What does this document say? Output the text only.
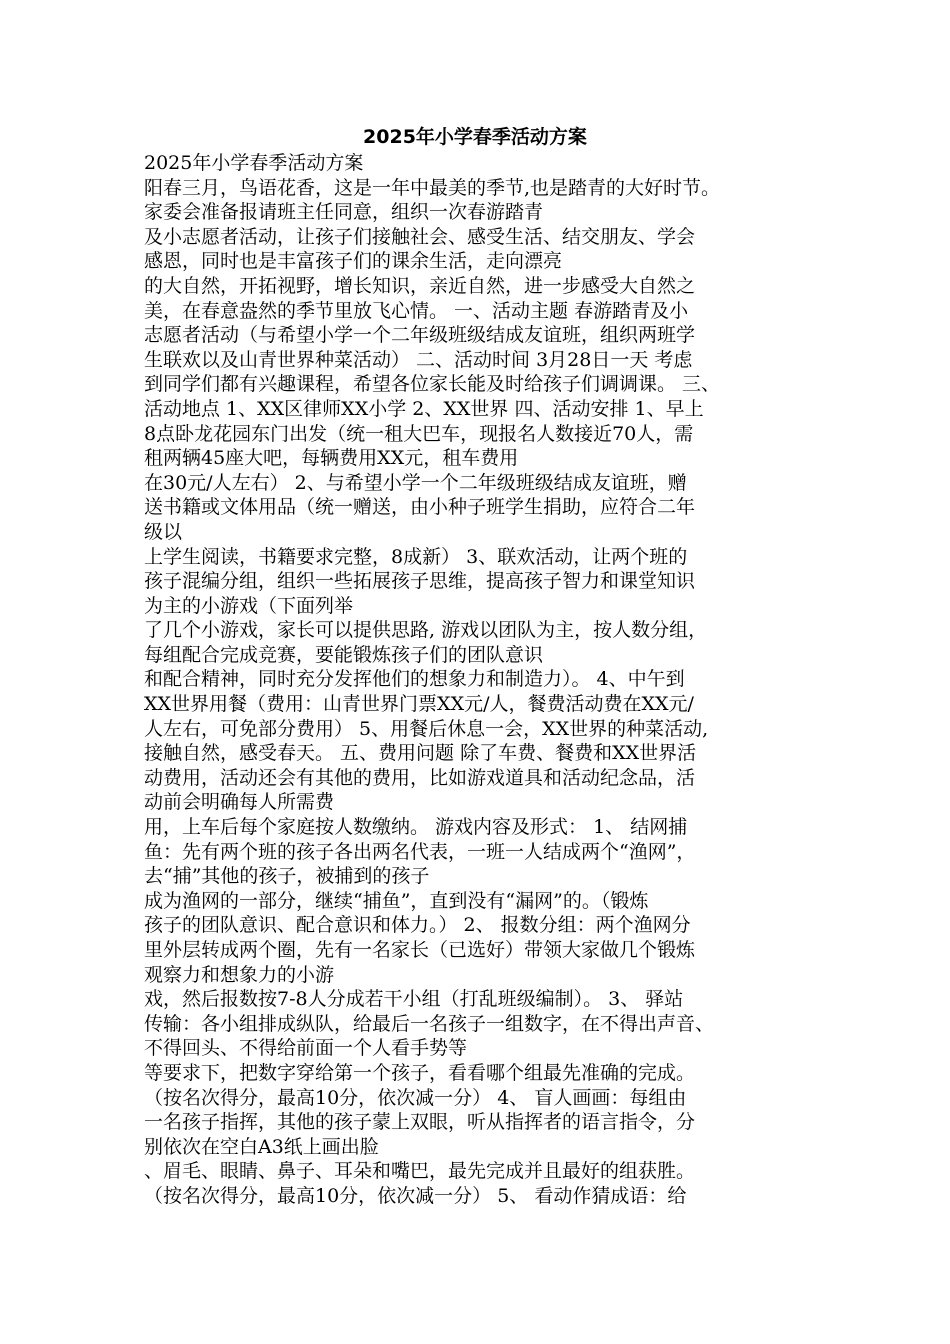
2025年小学春季活动方案
2025年小学春季活动方案
阳春三月，鸟语花香，这是一年中最美的季节,也是踏青的大好时节。
家委会准备报请班主任同意，组织一次春游踏青
及小志愿者活动，让孩子们接触社会、感受生活、结交朋友、学会
感恩，同时也是丰富孩子们的课余生活，走向漂亮
的大自然，开拓视野，增长知识，亲近自然，进一步感受大自然之
美，在春意盎然的季节里放飞心情。 一、活动主题 春游踏青及小
志愿者活动（与希望小学一个二年级班级结成友谊班，组织两班学
生联欢以及山青世界种菜活动） 二、活动时间 3月28日一天 考虑
到同学们都有兴趣课程，希望各位家长能及时给孩子们调调课。 三、
活动地点 1、XX区律师XX小学 2、XX世界 四、活动安排 1、早上
8点卧龙花园东门出发（统一租大巴车，现报名人数接近70人，需
租两辆45座大吧，每辆费用XX元，租车费用
在30元/人左右） 2、与希望小学一个二年级班级结成友谊班，赠
送书籍或文体用品（统一赠送，由小种子班学生捐助，应符合二年
级以
上学生阅读，书籍要求完整，8成新） 3、联欢活动，让两个班的
孩子混编分组，组织一些拓展孩子思维，提高孩子智力和课堂知识
为主的小游戏（下面列举
了几个小游戏，家长可以提供思路, 游戏以团队为主，按人数分组，
每组配合完成竞赛，要能锻炼孩子们的团队意识
和配合精神，同时充分发挥他们的想象力和制造力）。 4、中午到
XX世界用餐（费用：山青世界门票XX元/人，餐费活动费在XX元/
人左右，可免部分费用） 5、用餐后休息一会，XX世界的种菜活动,
接触自然，感受春天。 五、费用问题 除了车费、餐费和XX世界活
动费用，活动还会有其他的费用，比如游戏道具和活动纪念品，活
动前会明确每人所需费
用，上车后每个家庭按人数缴纳。 游戏内容及形式： 1、 结网捕
鱼：先有两个班的孩子各出两名代表，一班一人结成两个“渔网”，
去“捕”其他的孩子，被捕到的孩子
成为渔网的一部分，继续“捕鱼”，直到没有“漏网”的。（锻炼
孩子的团队意识、配合意识和体力。） 2、 报数分组：两个渔网分
里外层转成两个圈，先有一名家长（已选好）带领大家做几个锻炼
观察力和想象力的小游
戏，然后报数按7-8人分成若干小组（打乱班级编制）。 3、 驿站
传输：各小组排成纵队，给最后一名孩子一组数字，在不得出声音、
不得回头、不得给前面一个人看手势等
等要求下，把数字穿给第一个孩子，看看哪个组最先准确的完成。
（按名次得分，最高10分，依次减一分） 4、 盲人画画：每组由
一名孩子指挥，其他的孩子蒙上双眼，听从指挥者的语言指令，分
别依次在空白A3纸上画出脸
、眉毛、眼睛、鼻子、耳朵和嘴巴，最先完成并且最好的组获胜。
（按名次得分，最高10分，依次减一分） 5、 看动作猜成语：给
